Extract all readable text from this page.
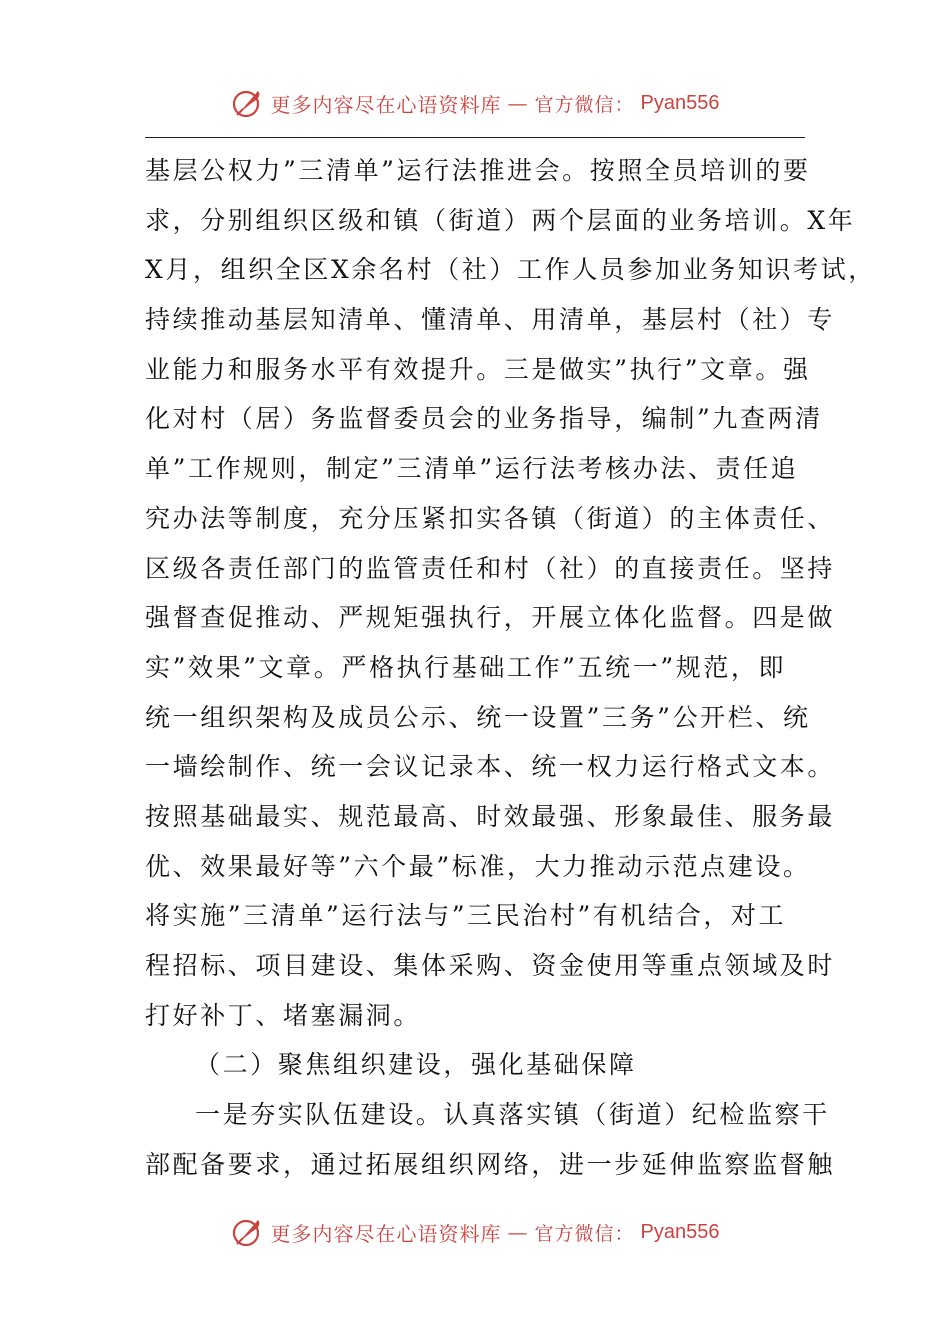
更多内容尽在心语资料库 — 官方微信： Pyan556
基层公权力”三清单”运行法推进会。按照全员培训的要
求，分别组织区级和镇（街道）两个层面的业务培训。X年
X月，组织全区X余名村（社）工作人员参加业务知识考试，
持续推动基层知清单、懂清单、用清单，基层村（社）专
业能力和服务水平有效提升。三是做实”执行”文章。强
化对村（居）务监督委员会的业务指导，编制”九查两清
单”工作规则，制定”三清单”运行法考核办法、责任追
究办法等制度，充分压紧扣实各镇（街道）的主体责任、
区级各责任部门的监管责任和村（社）的直接责任。坚持
强督查促推动、严规矩强执行，开展立体化监督。四是做
实”效果”文章。严格执行基础工作”五统一”规范，即
统一组织架构及成员公示、统一设置”三务”公开栏、统
一墙绘制作、统一会议记录本、统一权力运行格式文本。
按照基础最实、规范最高、时效最强、形象最佳、服务最
优、效果最好等”六个最”标准，大力推动示范点建设。
将实施”三清单”运行法与”三民治村”有机结合，对工
程招标、项目建设、集体采购、资金使用等重点领域及时
打好补丁、堵塞漏洞。
（二）聚焦组织建设，强化基础保障
一是夯实队伍建设。认真落实镇（街道）纪检监察干
部配备要求，通过拓展组织网络，进一步延伸监察监督触
更多内容尽在心语资料库 — 官方微信： Pyan556
